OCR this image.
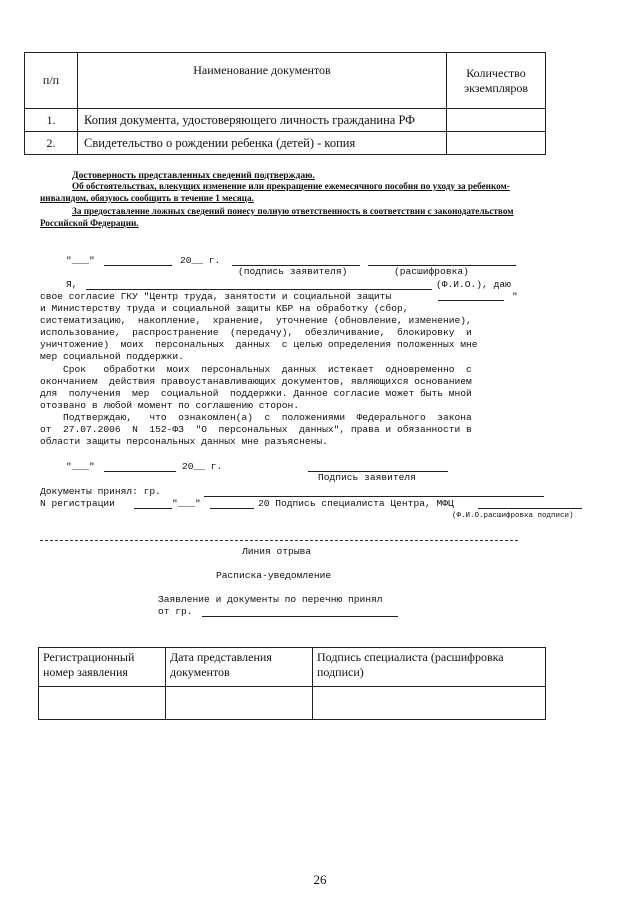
п/п	Наименование документов	Количество экземпляров
1.	Копия документа, удостоверяющего личность гражданина РФ	
2.	Свидетельство о рождении ребенка (детей) - копия	
Достоверность представленных сведений подтверждаю.
Об обстоятельствах, влекущих изменение или прекращение ежемесячного пособия по уходу за ребенком-
инвалидом, обязуюсь сообщить в течение 1 месяца.
За предоставление ложных сведений понесу полную ответственность в соответствии с законодательством
Российской Федерации.
"___"	20__ г.
(подпись заявителя)	(расшифровка)
Я,	(Ф.И.О.), даю
свое согласие ГКУ "Центр труда, занятости и социальной защиты	"
и Министерству труда и социальной защиты КБР на обработку (сбор,
систематизацию,  накопление,  хранение,  уточнение (обновление, изменение),
использование,  распространение  (передачу),  обезличивание,  блокировку  и
уничтожение)  моих  персональных  данных  с целью определения положенных мне
мер социальной поддержки.
Срок   обработки  моих  персональных  данных  истекает  одновременно  с
окончанием  действия правоустанавливающих документов, являющихся основанием
для  получения  мер  социальной  поддержки. Данное согласие может быть мной
отозвано в любой момент по соглашению сторон.
Подтверждаю,   что  ознакомлен(а)  с  положениями  Федерального  закона
от  27.07.2006  N  152-ФЗ  "О  персональных  данных", права и обязанности в
области защиты персональных данных мне разъяснены.
"___"	20__ г.
Подпись заявителя
Документы принял: гр.
N регистрации	"___"	20 Подпись специалиста Центра, МФЦ
(Ф.И.О.расшифровка подписи)
Линия отрыва
Расписка-уведомление
Заявление и документы по перечню принял
от гр.
Регистрационный номер заявления	Дата представления документов	Подпись специалиста (расшифровка подписи)

26
